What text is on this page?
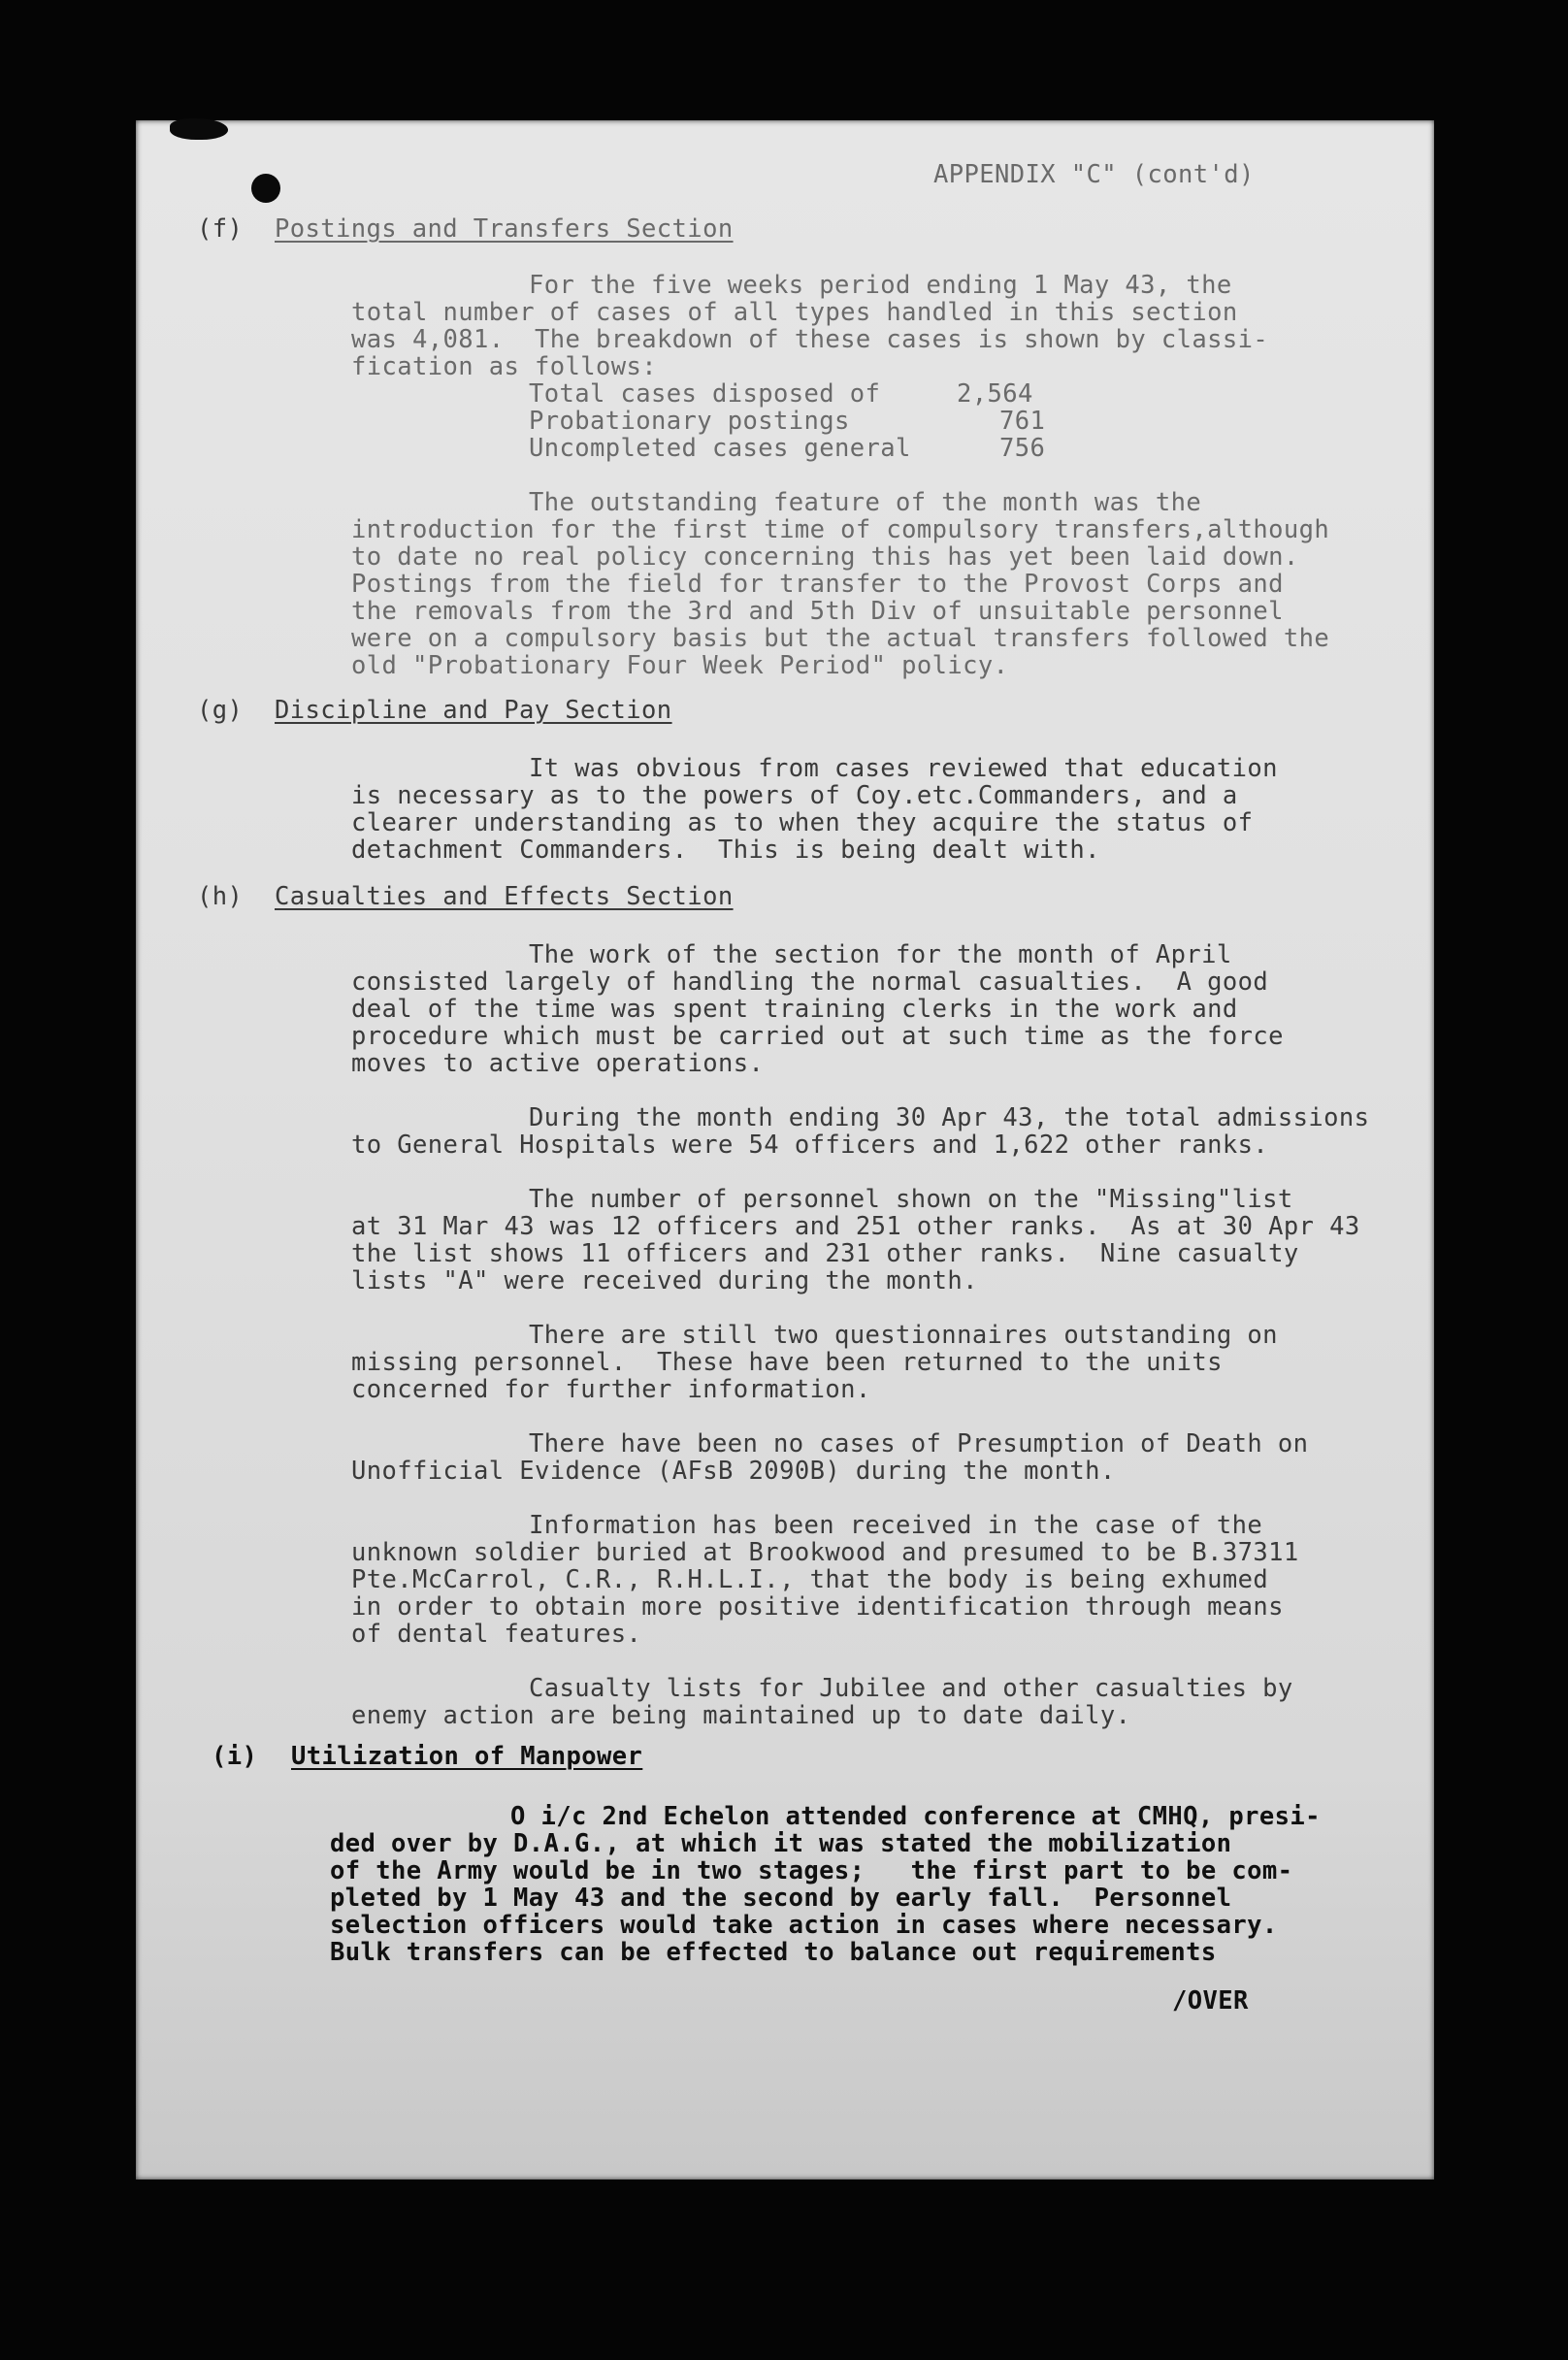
APPENDIX "C" (cont'd)
(f) Postings and Transfers Section
For the five weeks period ending 1 May 43, the
total number of cases of all types handled in this section
was 4,081.  The breakdown of these cases is shown by classi-
fication as follows:
Total cases disposed of	2,564
Probationary postings	761
Uncompleted cases general	756
The outstanding feature of the month was the
introduction for the first time of compulsory transfers,although
to date no real policy concerning this has yet been laid down.
Postings from the field for transfer to the Provost Corps and
the removals from the 3rd and 5th Div of unsuitable personnel
were on a compulsory basis but the actual transfers followed the
old "Probationary Four Week Period" policy.
(g) Discipline and Pay Section
It was obvious from cases reviewed that education
is necessary as to the powers of Coy.etc.Commanders, and a
clearer understanding as to when they acquire the status of
detachment Commanders.  This is being dealt with.
(h) Casualties and Effects Section
The work of the section for the month of April
consisted largely of handling the normal casualties.  A good
deal of the time was spent training clerks in the work and
procedure which must be carried out at such time as the force
moves to active operations.
During the month ending 30 Apr 43, the total admissions
to General Hospitals were 54 officers and 1,622 other ranks.
The number of personnel shown on the "Missing"list
at 31 Mar 43 was 12 officers and 251 other ranks.  As at 30 Apr 43
the list shows 11 officers and 231 other ranks.  Nine casualty
lists "A" were received during the month.
There are still two questionnaires outstanding on
missing personnel.  These have been returned to the units
concerned for further information.
There have been no cases of Presumption of Death on
Unofficial Evidence (AFsB 2090B) during the month.
Information has been received in the case of the
unknown soldier buried at Brookwood and presumed to be B.37311
Pte.McCarrol, C.R., R.H.L.I., that the body is being exhumed
in order to obtain more positive identification through means
of dental features.
Casualty lists for Jubilee and other casualties by
enemy action are being maintained up to date daily.
(i) Utilization of Manpower
O i/c 2nd Echelon attended conference at CMHQ, presi-
ded over by D.A.G., at which it was stated the mobilization
of the Army would be in two stages;   the first part to be com-
pleted by 1 May 43 and the second by early fall.  Personnel
selection officers would take action in cases where necessary.
Bulk transfers can be effected to balance out requirements
/OVER
